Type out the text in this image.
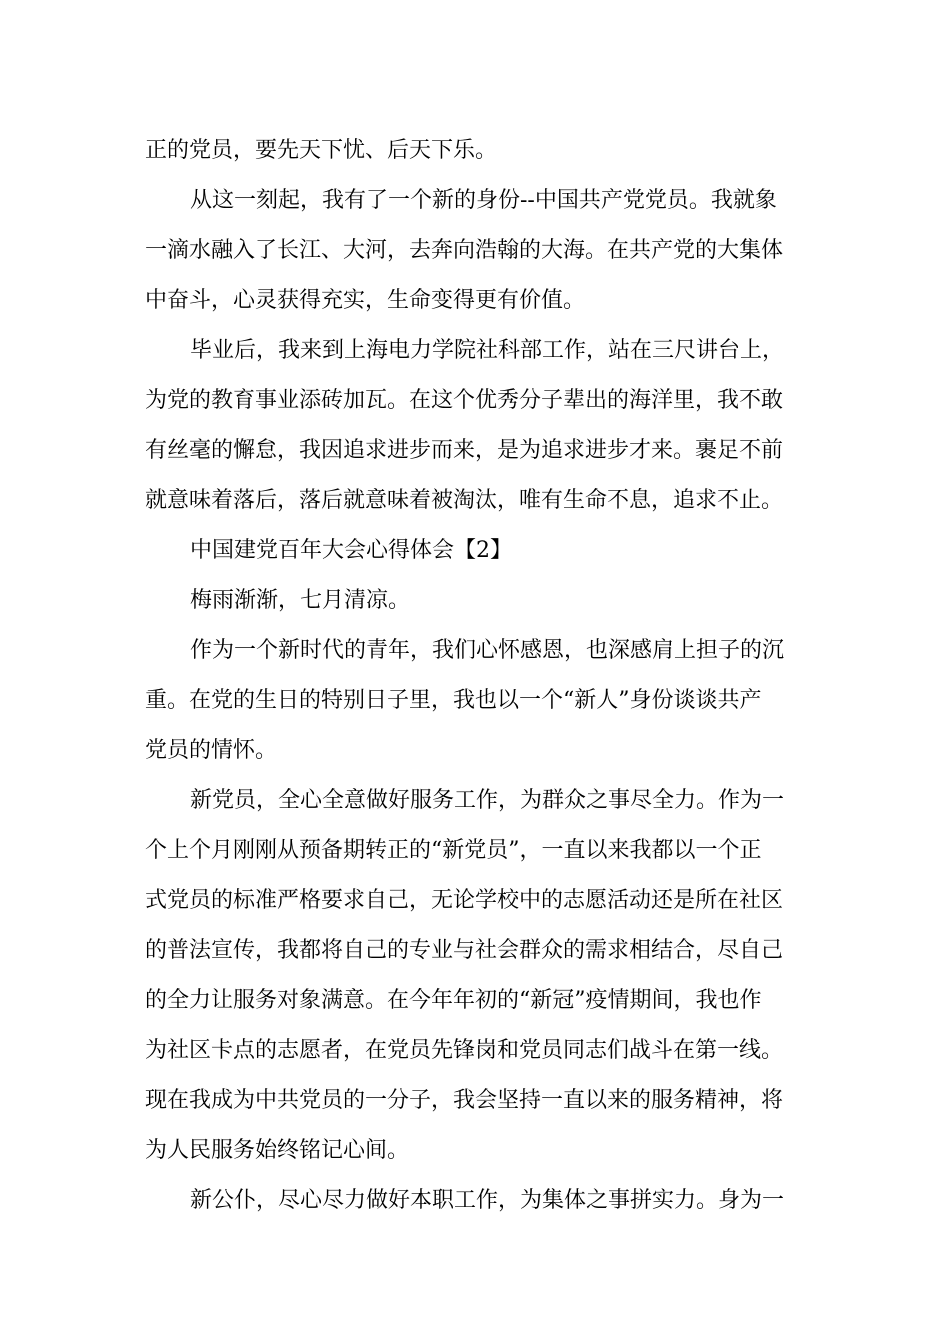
正的党员，要先天下忧、后天下乐。

从这一刻起，我有了一个新的身份--中国共产党党员。我就象

一滴水融入了长江、大河，去奔向浩翰的大海。在共产党的大集体

中奋斗，心灵获得充实，生命变得更有价值。

毕业后，我来到上海电力学院社科部工作，站在三尺讲台上，

为党的教育事业添砖加瓦。在这个优秀分子辈出的海洋里，我不敢

有丝毫的懈怠，我因追求进步而来，是为追求进步才来。裹足不前

就意味着落后，落后就意味着被淘汰，唯有生命不息，追求不止。

中国建党百年大会心得体会【2】

梅雨渐渐，七月清凉。

作为一个新时代的青年，我们心怀感恩，也深感肩上担子的沉

重。在党的生日的特别日子里，我也以一个“新人”身份谈谈共产

党员的情怀。

新党员，全心全意做好服务工作，为群众之事尽全力。作为一

个上个月刚刚从预备期转正的“新党员”，一直以来我都以一个正

式党员的标准严格要求自己，无论学校中的志愿活动还是所在社区

的普法宣传，我都将自己的专业与社会群众的需求相结合，尽自己

的全力让服务对象满意。在今年年初的“新冠”疫情期间，我也作

为社区卡点的志愿者，在党员先锋岗和党员同志们战斗在第一线。

现在我成为中共党员的一分子，我会坚持一直以来的服务精神，将

为人民服务始终铭记心间。

新公仆，尽心尽力做好本职工作，为集体之事拼实力。身为一
